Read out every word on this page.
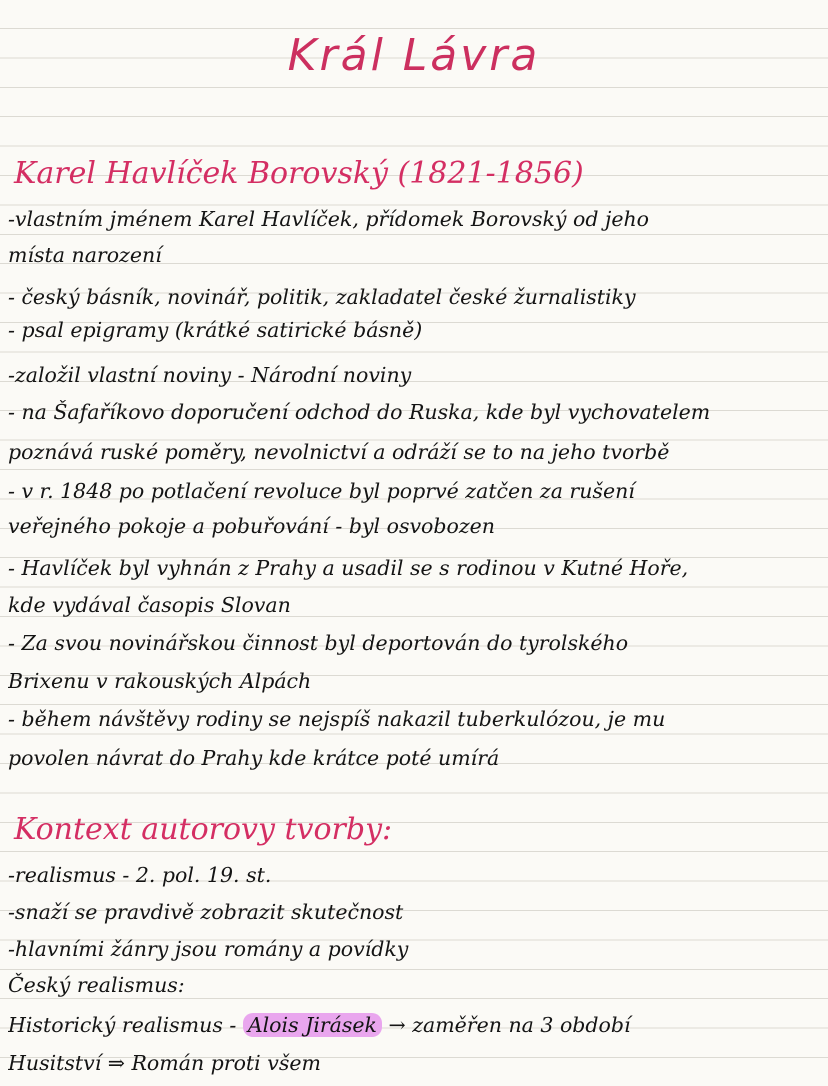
Král Lávra
Karel Havlíček Borovský (1821-1856)
-vlastním jménem Karel Havlíček, přídomek Borovský od jeho
místa narození
- český básník, novinář, politik, zakladatel české žurnalistiky
- psal epigramy (krátké satirické básně)
-založil vlastní noviny - Národní noviny
- na Šafaříkovo doporučení odchod do Ruska, kde byl vychovatelem
poznává ruské poměry, nevolnictví a odráží se to na jeho tvorbě
- v r. 1848 po potlačení revoluce byl poprvé zatčen za rušení
veřejného pokoje a pobuřování - byl osvobozen
- Havlíček byl vyhnán z Prahy a usadil se s rodinou v Kutné Hoře,
kde vydával časopis Slovan
- Za svou novinářskou činnost byl deportován do tyrolského
Brixenu v rakouských Alpách
- během návštěvy rodiny se nejspíš nakazil tuberkulózou, je mu
povolen návrat do Prahy kde krátce poté umírá
Kontext autorovy tvorby:
-realismus - 2. pol. 19. st.
-snaží se pravdivě zobrazit skutečnost
-hlavními žánry jsou romány a povídky
Český realismus:
Historický realismus - Alois Jirásek → zaměřen na 3 období
Husitství ⇒ Román proti všem
